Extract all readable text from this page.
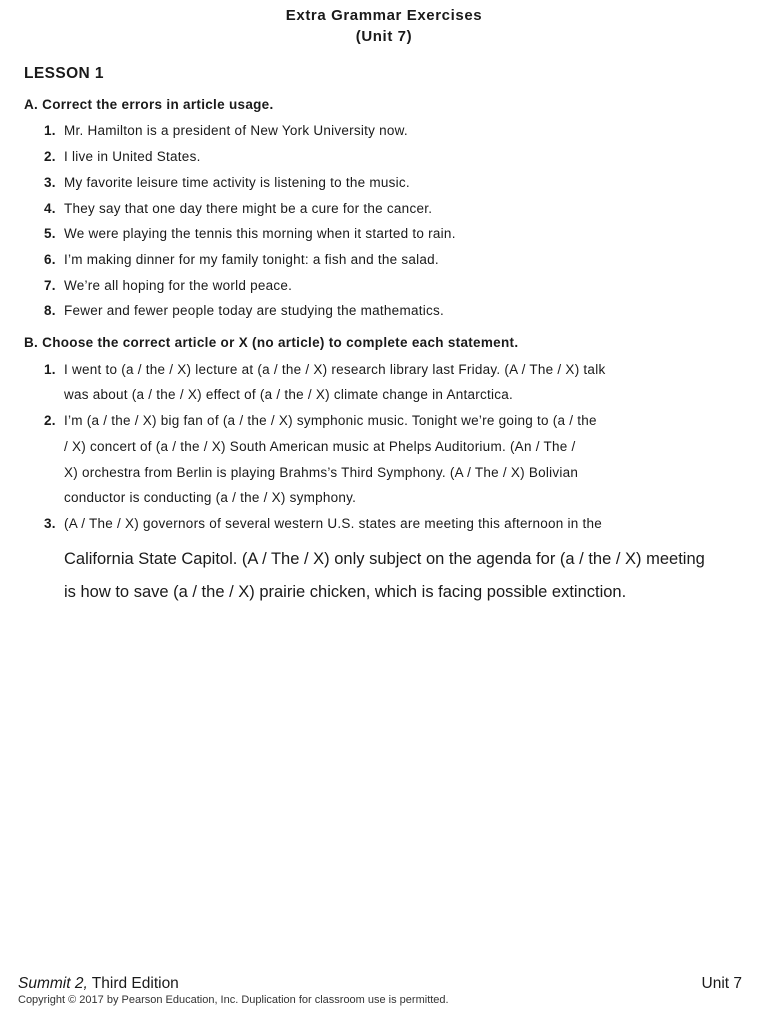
Extra Grammar Exercises
(Unit 7)
LESSON 1
A. Correct the errors in article usage.
1. Mr. Hamilton is a president of New York University now.
2. I live in United States.
3. My favorite leisure time activity is listening to the music.
4. They say that one day there might be a cure for the cancer.
5. We were playing the tennis this morning when it started to rain.
6. I’m making dinner for my family tonight: a fish and the salad.
7. We’re all hoping for the world peace.
8. Fewer and fewer people today are studying the mathematics.
B. Choose the correct article or X (no article) to complete each statement.
1. I went to (a / the / X) lecture at (a / the / X) research library last Friday. (A / The / X) talk
was about (a / the / X) effect of (a / the / X) climate change in Antarctica.
2. I’m (a / the / X) big fan of (a / the / X) symphonic music. Tonight we’re going to (a / the
/ X) concert of (a / the / X) South American music at Phelps Auditorium. (An / The /
X) orchestra from Berlin is playing Brahms’s Third Symphony. (A / The / X) Bolivian
conductor is conducting (a / the / X) symphony.
3. (A / The / X) governors of several western U.S. states are meeting this afternoon in the
California State Capitol. (A / The / X) only subject on the agenda for (a / the / X) meeting
is how to save (a / the / X) prairie chicken, which is facing possible extinction.
Summit 2, Third Edition	Unit 7
Copyright © 2017 by Pearson Education, Inc. Duplication for classroom use is permitted.
